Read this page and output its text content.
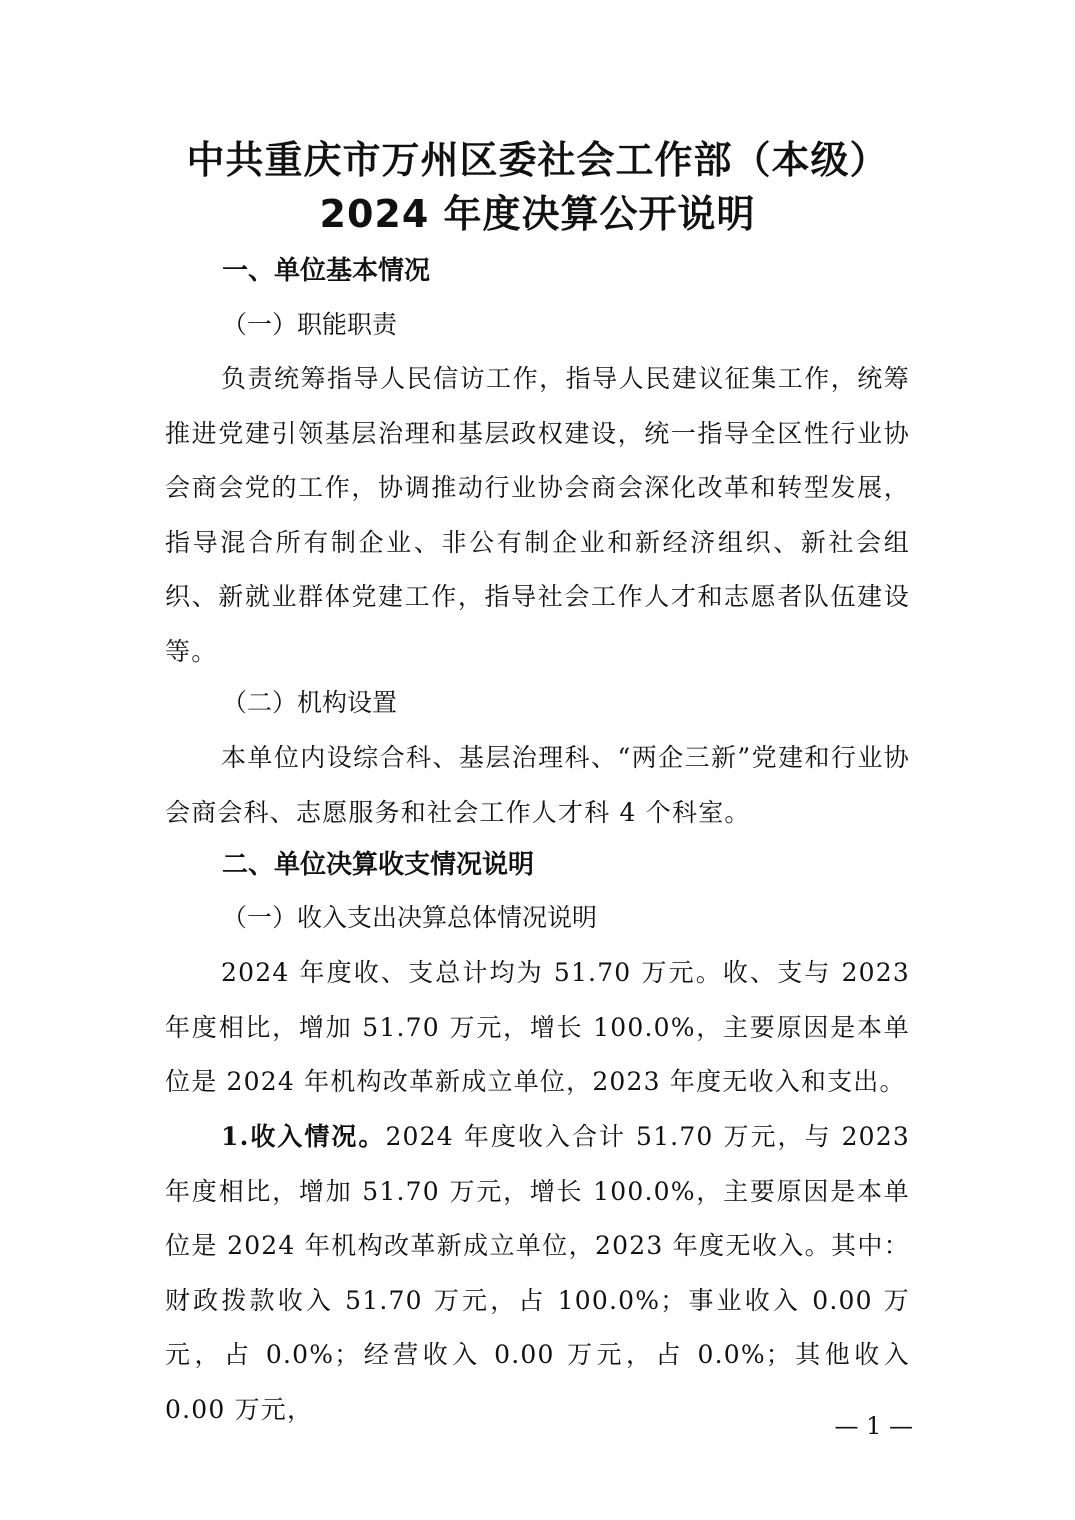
中共重庆市万州区委社会工作部（本级）
2024 年度决算公开说明
一、单位基本情况
（一）职能职责
负责统筹指导人民信访工作，指导人民建议征集工作，统筹推进党建引领基层治理和基层政权建设，统一指导全区性行业协会商会党的工作，协调推动行业协会商会深化改革和转型发展，指导混合所有制企业、非公有制企业和新经济组织、新社会组织、新就业群体党建工作，指导社会工作人才和志愿者队伍建设等。
（二）机构设置
本单位内设综合科、基层治理科、“两企三新”党建和行业协会商会科、志愿服务和社会工作人才科 4 个科室。
二、单位决算收支情况说明
（一）收入支出决算总体情况说明
2024 年度收、支总计均为 51.70 万元。收、支与 2023 年度相比，增加 51.70 万元，增长 100.0%，主要原因是本单位是 2024 年机构改革新成立单位，2023 年度无收入和支出。
1.收入情况。2024 年度收入合计 51.70 万元，与 2023 年度相比，增加 51.70 万元，增长 100.0%，主要原因是本单位是 2024 年机构改革新成立单位，2023 年度无收入。其中：财政拨款收入 51.70 万元，占 100.0%；事业收入 0.00 万元，占 0.0%；经营收入 0.00 万元，占 0.0%；其他收入 0.00 万元，
— 1 —
